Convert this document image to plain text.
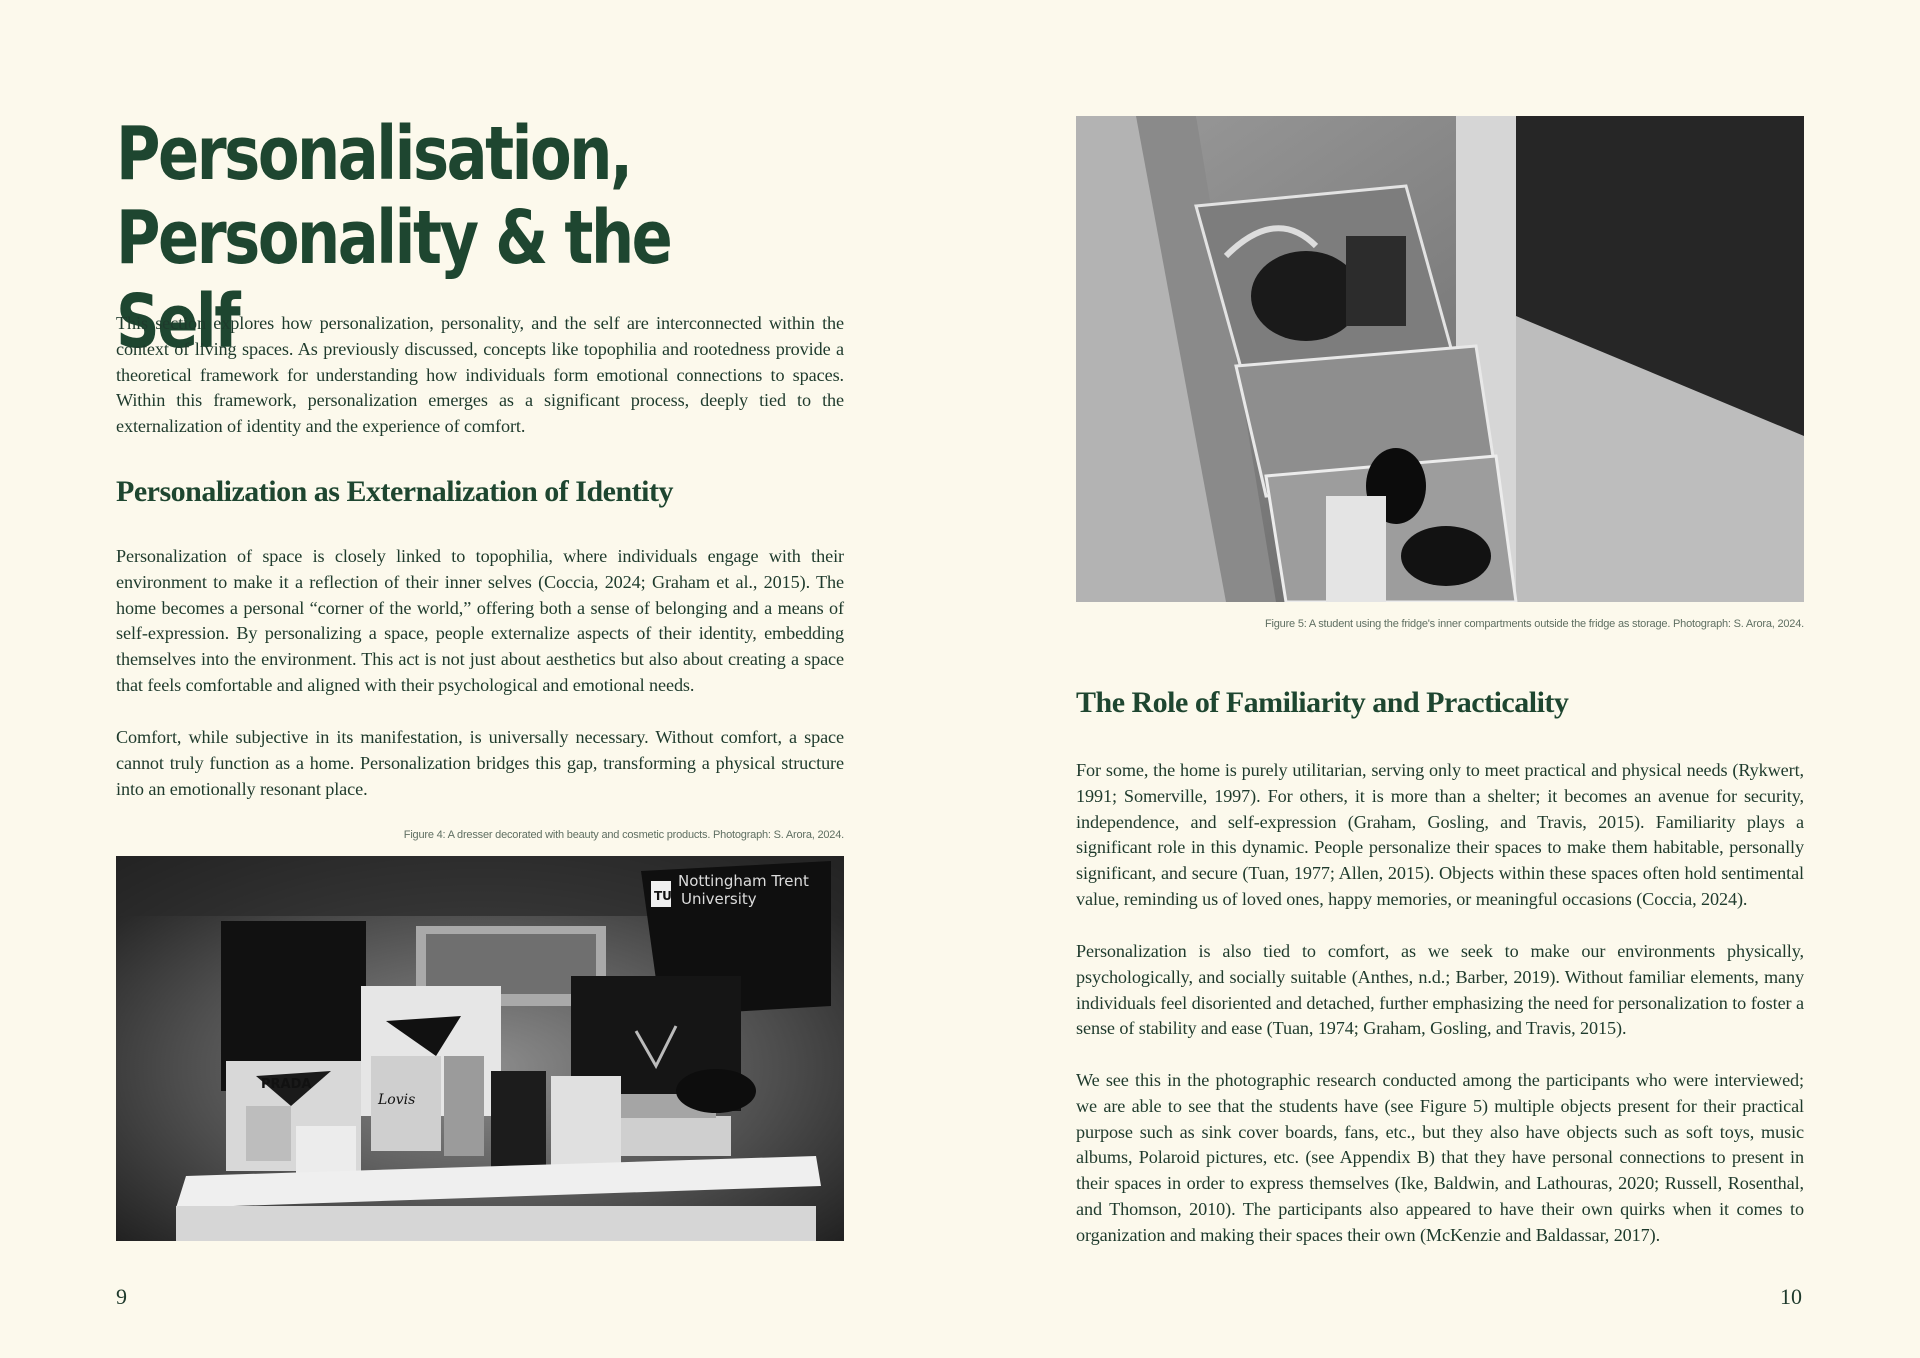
Personalisation,
Personality & the Self

This section explores how personalization, personality, and the self are interconnected within the context of living spaces. As previously discussed, concepts like topophilia and rootedness provide a theoretical framework for understanding how individuals form emotional connections to spaces. Within this framework, personalization emerges as a significant process, deeply tied to the externalization of identity and the experience of comfort.

Personalization as Externalization of Identity

Personalization of space is closely linked to topophilia, where individuals engage with their environment to make it a reflection of their inner selves (Coccia, 2024; Graham et al., 2015). The home becomes a personal “corner of the world,” offering both a sense of belonging and a means of self-expression. By personalizing a space, people externalize aspects of their identity, embedding themselves into the environment. This act is not just about aesthetics but also about creating a space that feels comfortable and aligned with their psychological and emotional needs.

Comfort, while subjective in its manifestation, is universally necessary. Without comfort, a space cannot truly function as a home. Personalization bridges this gap, transforming a physical structure into an emotionally resonant place.

Figure 4: A dresser decorated with beauty and cosmetic products. Photograph: S. Arora, 2024.

TU
Nottingham Trent
University
PRADA
Lovis

9

Figure 5: A student using the fridge's inner compartments outside the fridge as storage. Photograph: S. Arora, 2024.

The Role of Familiarity and Practicality

For some, the home is purely utilitarian, serving only to meet practical and physical needs (Rykwert, 1991; Somerville, 1997). For others, it is more than a shelter; it becomes an avenue for security, independence, and self-expression (Graham, Gosling, and Travis, 2015). Familiarity plays a significant role in this dynamic. People personalize their spaces to make them habitable, personally significant, and secure (Tuan, 1977; Allen, 2015). Objects within these spaces often hold sentimental value, reminding us of loved ones, happy memories, or meaningful occasions (Coccia, 2024).

Personalization is also tied to comfort, as we seek to make our environments physically, psychologically, and socially suitable (Anthes, n.d.; Barber, 2019). Without familiar elements, many individuals feel disoriented and detached, further emphasizing the need for personalization to foster a sense of stability and ease (Tuan, 1974; Graham, Gosling, and Travis, 2015).

We see this in the photographic research conducted among the participants who were interviewed; we are able to see that the students have (see Figure 5) multiple objects present for their practical purpose such as sink cover boards, fans, etc., but they also have objects such as soft toys, music albums, Polaroid pictures, etc. (see Appendix B) that they have personal connections to present in their spaces in order to express themselves (Ike, Baldwin, and Lathouras, 2020; Russell, Rosenthal, and Thomson, 2010). The participants also appeared to have their own quirks when it comes to organization and making their spaces their own (McKenzie and Baldassar, 2017).

10
